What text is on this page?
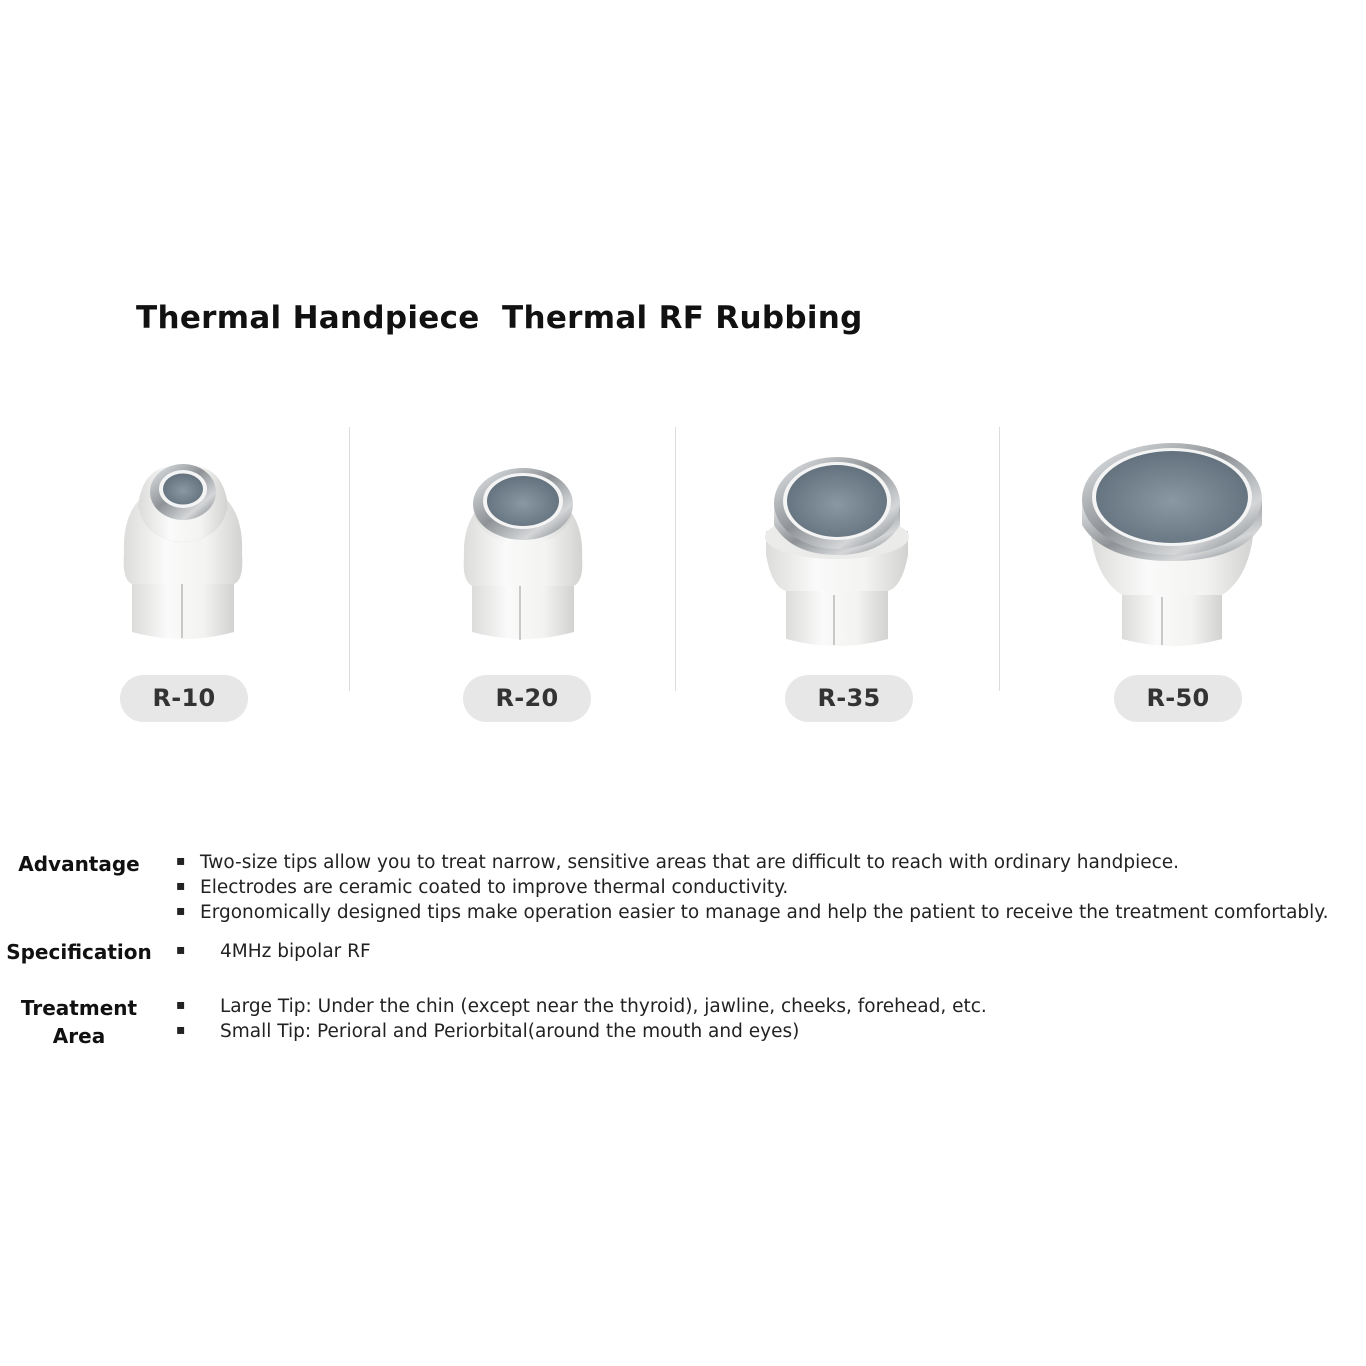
Thermal Handpiece Thermal RF Rubbing
R-10	R-20	R-35	R-50
Advantage	▪ Two-size tips allow you to treat narrow, sensitive areas that are difficult to reach with ordinary handpiece.
▪ Electrodes are ceramic coated to improve thermal conductivity.
▪ Ergonomically designed tips make operation easier to manage and help the patient to receive the treatment comfortably.
Specification ▪ 4MHz bipolar RF
Treatment
Area
▪ Large Tip: Under the chin (except near the thyroid), jawline, cheeks, forehead, etc.
▪ Small Tip: Perioral and Periorbital(around the mouth and eyes)
